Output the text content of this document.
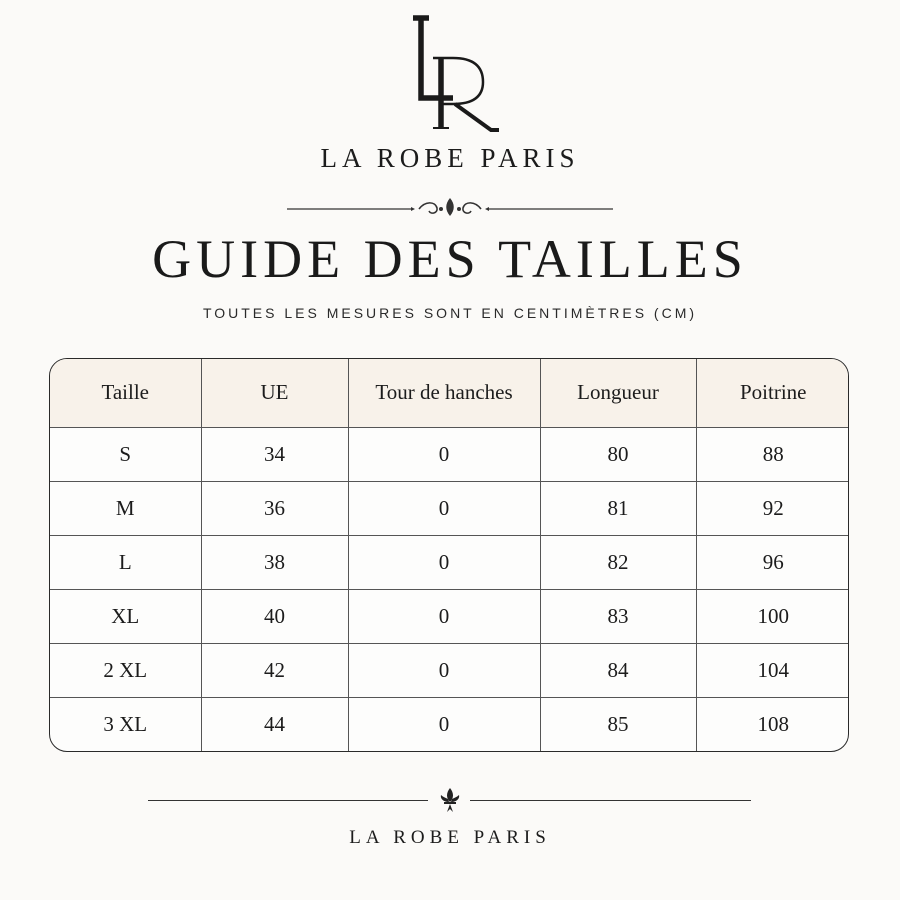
LA ROBE PARIS
GUIDE DES TAILLES
TOUTES LES MESURES SONT EN CENTIMÈTRES (CM)
Taille	UE	Tour de hanches	Longueur	Poitrine
S	34	0	80	88
M	36	0	81	92
L	38	0	82	96
XL	40	0	83	100
2 XL	42	0	84	104
3 XL	44	0	85	108
LA ROBE PARIS
